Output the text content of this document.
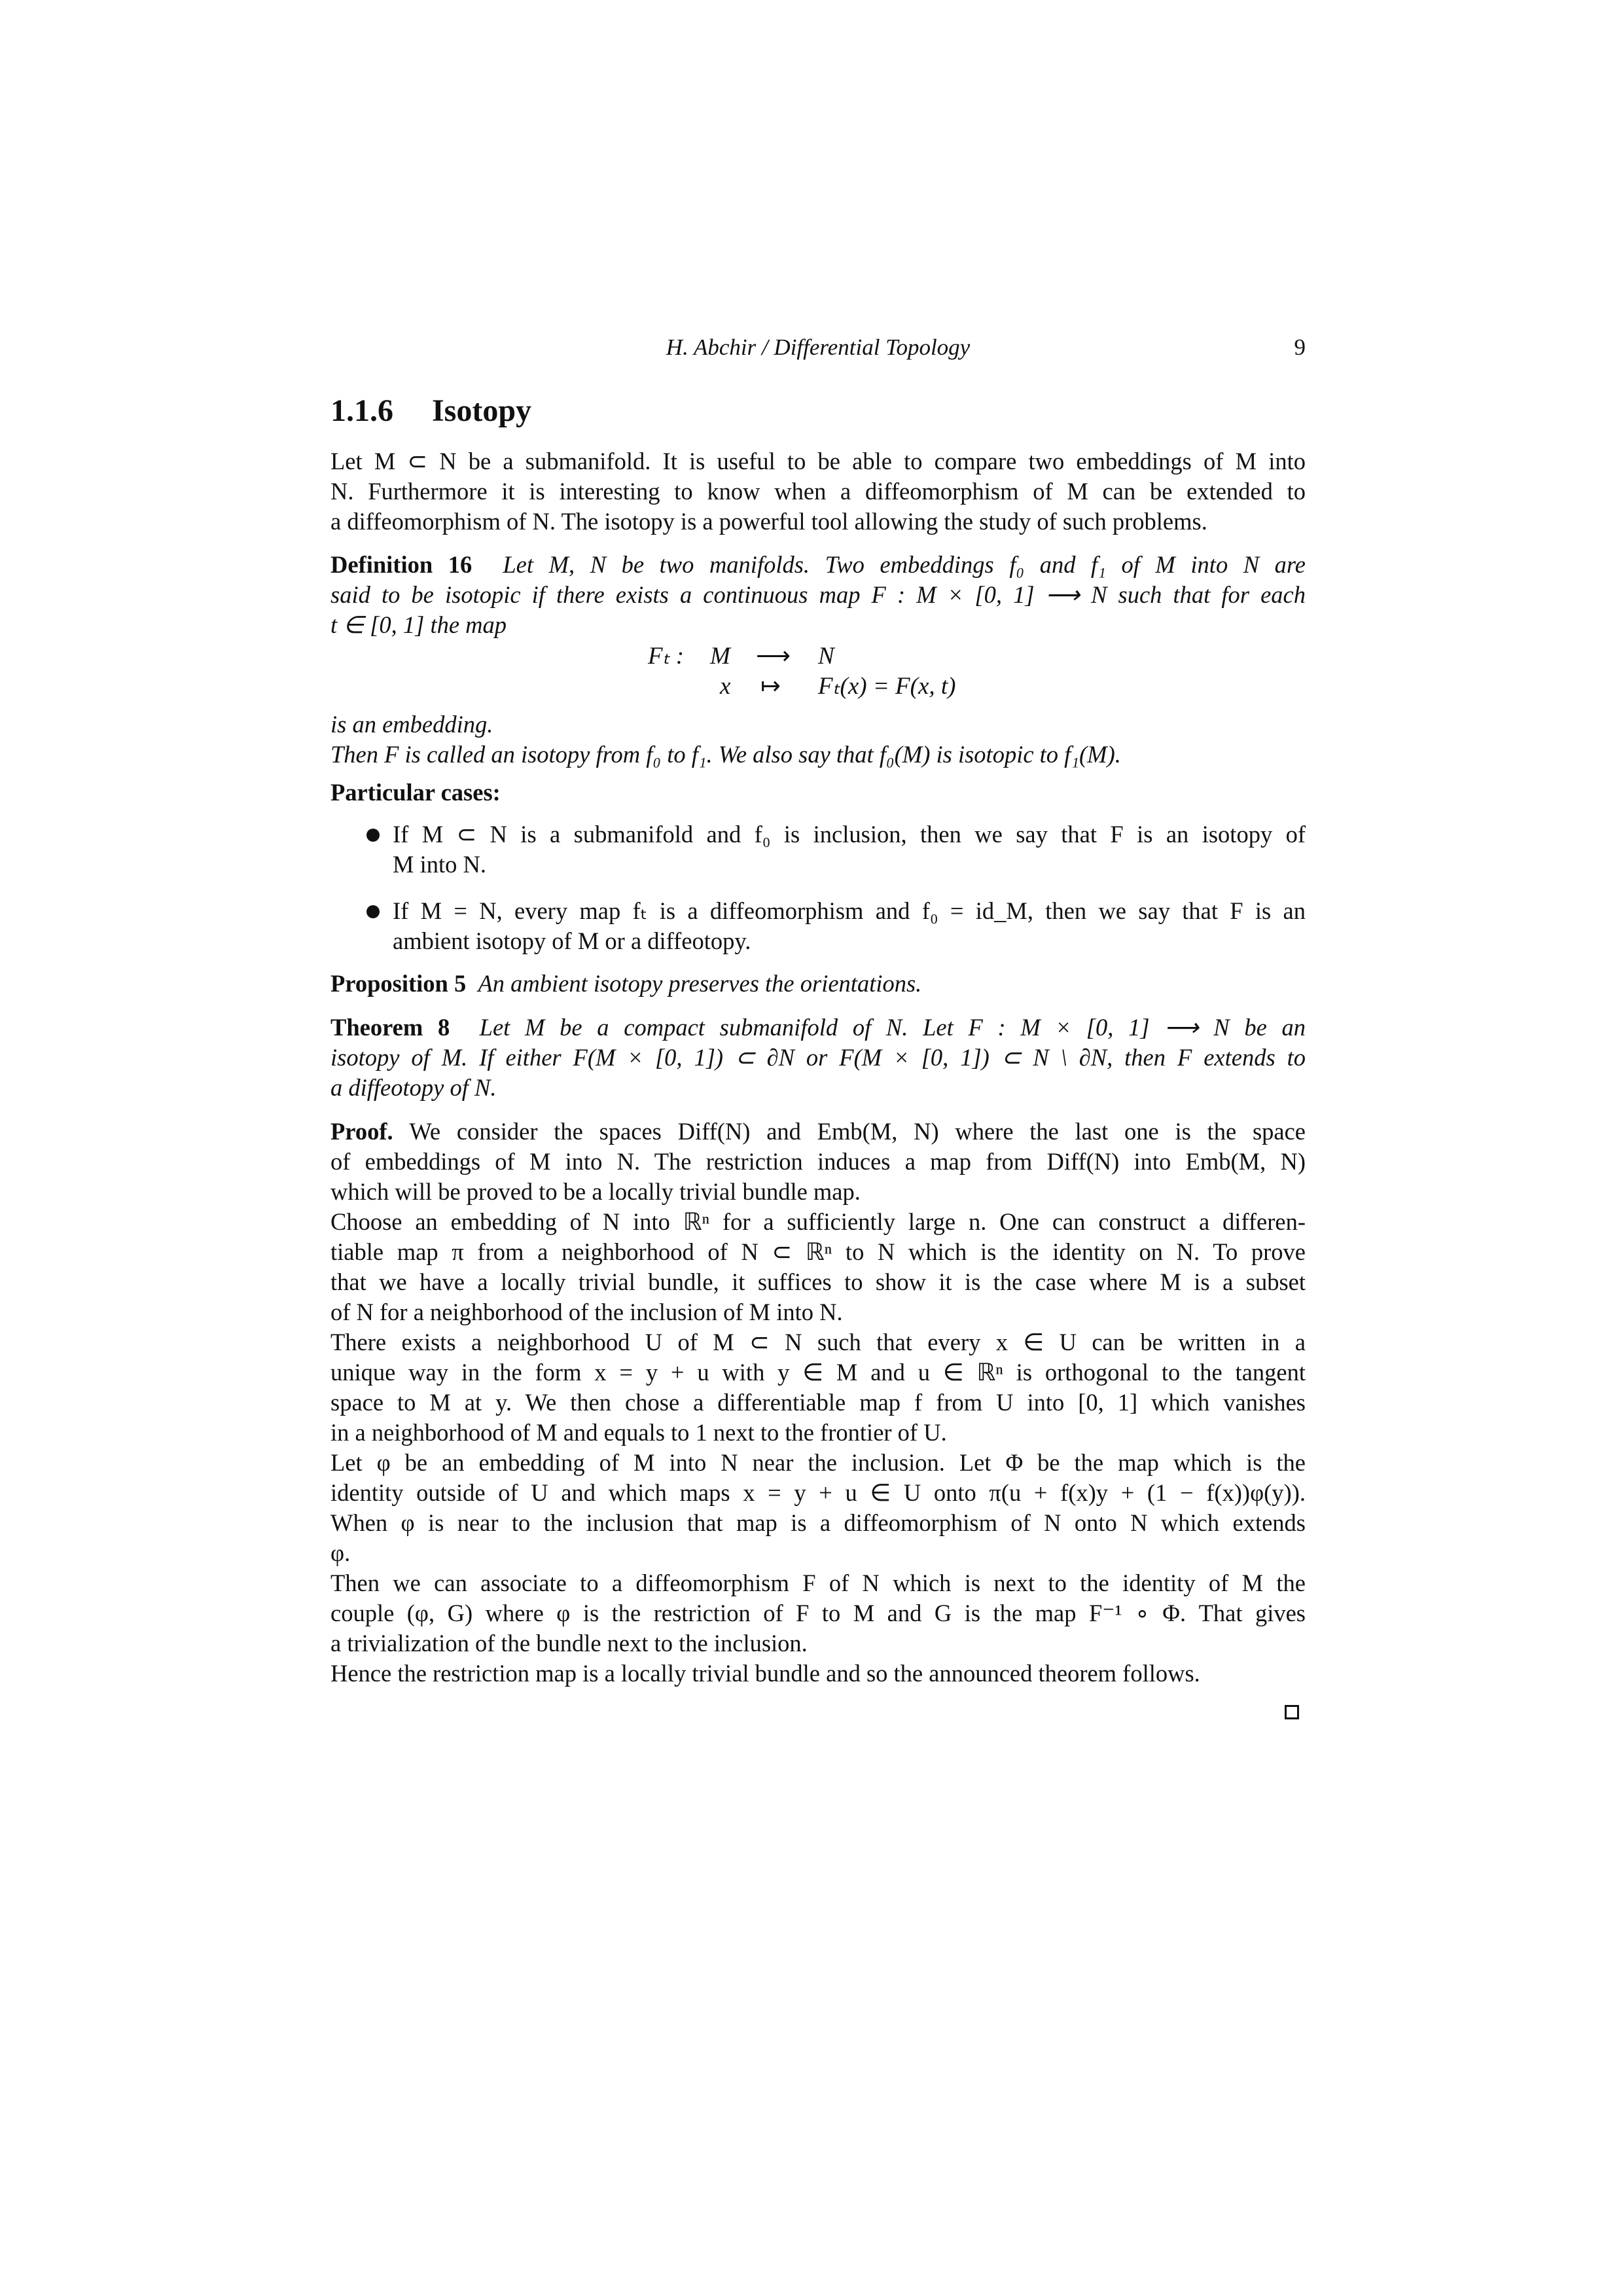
H. Abchir / Differential Topology	9
1.1.6 Isotopy
Let M ⊂ N be a submanifold. It is useful to be able to compare two embeddings of M into
N. Furthermore it is interesting to know when a diffeomorphism of M can be extended to
a diffeomorphism of N. The isotopy is a powerful tool allowing the study of such problems.
Definition 16 Let M, N be two manifolds. Two embeddings f₀ and f₁ of M into N are
said to be isotopic if there exists a continuous map F : M × [0, 1] ⟶ N such that for each
t ∈ [0, 1] the map
Fₜ : M ⟶ N
x ↦ Fₜ(x) = F(x, t)
is an embedding.
Then F is called an isotopy from f₀ to f₁. We also say that f₀(M) is isotopic to f₁(M).
Particular cases:
If M ⊂ N is a submanifold and f₀ is inclusion, then we say that F is an isotopy of
M into N.
If M = N, every map fₜ is a diffeomorphism and f₀ = id_M, then we say that F is an
ambient isotopy of M or a diffeotopy.
Proposition 5 An ambient isotopy preserves the orientations.
Theorem 8 Let M be a compact submanifold of N. Let F : M × [0, 1] ⟶ N be an
isotopy of M. If either F(M × [0, 1]) ⊂ ∂N or F(M × [0, 1]) ⊂ N \ ∂N, then F extends to
a diffeotopy of N.
Proof. We consider the spaces Diff(N) and Emb(M, N) where the last one is the space
of embeddings of M into N. The restriction induces a map from Diff(N) into Emb(M, N)
which will be proved to be a locally trivial bundle map.
Choose an embedding of N into ℝⁿ for a sufficiently large n. One can construct a differen-
tiable map π from a neighborhood of N ⊂ ℝⁿ to N which is the identity on N. To prove
that we have a locally trivial bundle, it suffices to show it is the case where M is a subset
of N for a neighborhood of the inclusion of M into N.
There exists a neighborhood U of M ⊂ N such that every x ∈ U can be written in a
unique way in the form x = y + u with y ∈ M and u ∈ ℝⁿ is orthogonal to the tangent
space to M at y. We then chose a differentiable map f from U into [0, 1] which vanishes
in a neighborhood of M and equals to 1 next to the frontier of U.
Let φ be an embedding of M into N near the inclusion. Let Φ be the map which is the
identity outside of U and which maps x = y + u ∈ U onto π(u + f(x)y + (1 − f(x))φ(y)).
When φ is near to the inclusion that map is a diffeomorphism of N onto N which extends
φ.
Then we can associate to a diffeomorphism F of N which is next to the identity of M the
couple (φ, G) where φ is the restriction of F to M and G is the map F⁻¹ ∘ Φ. That gives
a trivialization of the bundle next to the inclusion.
Hence the restriction map is a locally trivial bundle and so the announced theorem follows.
